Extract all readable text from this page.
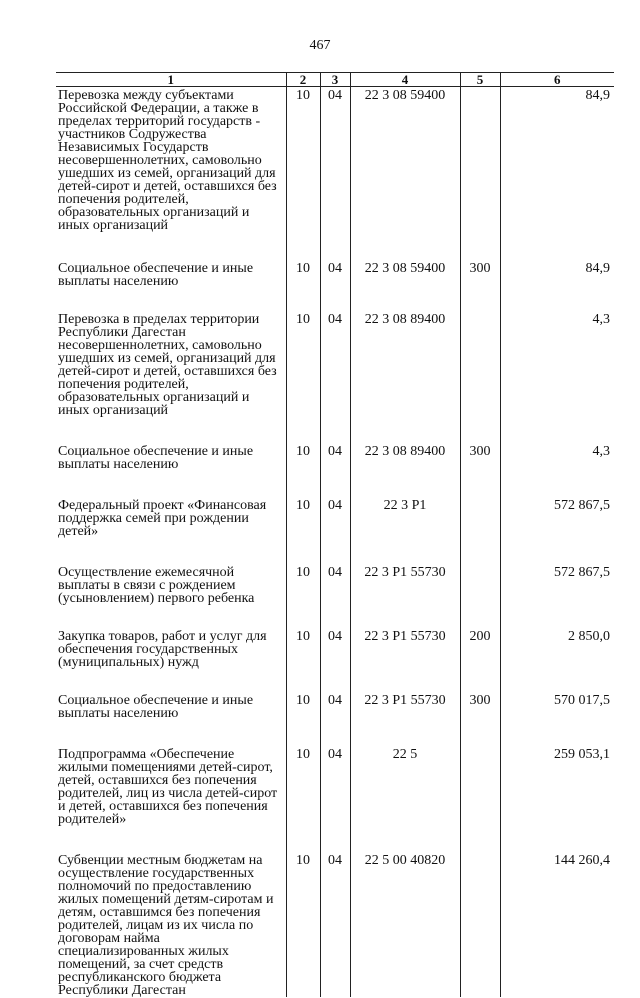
467
1	2	3	4	5	6
Перевозка между субъектами Российской Федерации, а также в пределах территорий государств - участников Содружества Независимых Государств несовершеннолетних, самовольно ушедших из семей, организаций для детей-сирот и детей, оставшихся без попечения родителей, образовательных организаций и иных организаций	10	04	22 3 08 59400		84,9
Социальное обеспечение и иные выплаты населению	10	04	22 3 08 59400	300	84,9
Перевозка в пределах территории Республики Дагестан несовершеннолетних, самовольно ушедших из семей, организаций для детей-сирот и детей, оставшихся без попечения родителей, образовательных организаций и иных организаций	10	04	22 3 08 89400		4,3
Социальное обеспечение и иные выплаты населению	10	04	22 3 08 89400	300	4,3
Федеральный проект «Финансовая поддержка семей при рождении детей»	10	04	22 3 P1		572 867,5
Осуществление ежемесячной выплаты в связи с рождением (усыновлением) первого ребенка	10	04	22 3 P1 55730		572 867,5
Закупка товаров, работ и услуг для обеспечения государственных (муниципальных) нужд	10	04	22 3 P1 55730	200	2 850,0
Социальное обеспечение и иные выплаты населению	10	04	22 3 P1 55730	300	570 017,5
Подпрограмма «Обеспечение жилыми помещениями детей-сирот, детей, оставшихся без попечения родителей, лиц из числа детей-сирот и детей, оставшихся без попечения родителей»	10	04	22 5		259 053,1
Субвенции местным бюджетам на осуществление государственных полномочий по предоставлению жилых помещений детям-сиротам и детям, оставшимся без попечения родителей, лицам из их числа по договорам найма специализированных жилых помещений, за счет средств республиканского бюджета Республики Дагестан	10	04	22 5 00 40820		144 260,4
